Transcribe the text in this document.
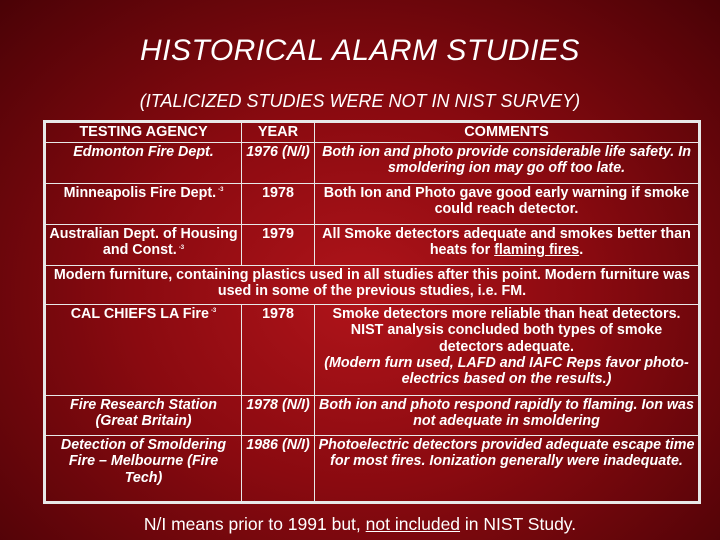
HISTORICAL ALARM STUDIES
(ITALICIZED STUDIES WERE NOT IN NIST SURVEY)
TESTING AGENCY	YEAR	COMMENTS
Edmonton Fire Dept.	1976 (N/I)	Both ion and photo provide considerable life safety. In smoldering ion may go off too late.
Minneapolis Fire Dept. $^{-3}$	1978	Both Ion and Photo gave good early warning if smoke could reach detector.
Australian Dept. of Housing and Const. $^{-3}$	1979	All Smoke detectors adequate and smokes better than heats for flaming fires.
Modern furniture, containing plastics used in all studies after this point. Modern furniture was used in some of the previous studies, i.e. FM.		
CAL CHIEFS LA Fire $^{-3}$	1978	Smoke detectors more reliable than heat detectors. NIST analysis concluded both types of smoke detectors adequate.
(Modern furn used, LAFD and IAFC Reps favor photo-electrics based on the results.)
Fire Research Station (Great Britain)	1978 (N/I)	Both ion and photo respond rapidly to flaming. Ion was not adequate in smoldering
Detection of Smoldering Fire – Melbourne (Fire Tech)	1986 (N/I)	Photoelectric detectors provided adequate escape time for most fires. Ionization generally were inadequate.
N/I means prior to 1991 but, not included in NIST Study.
